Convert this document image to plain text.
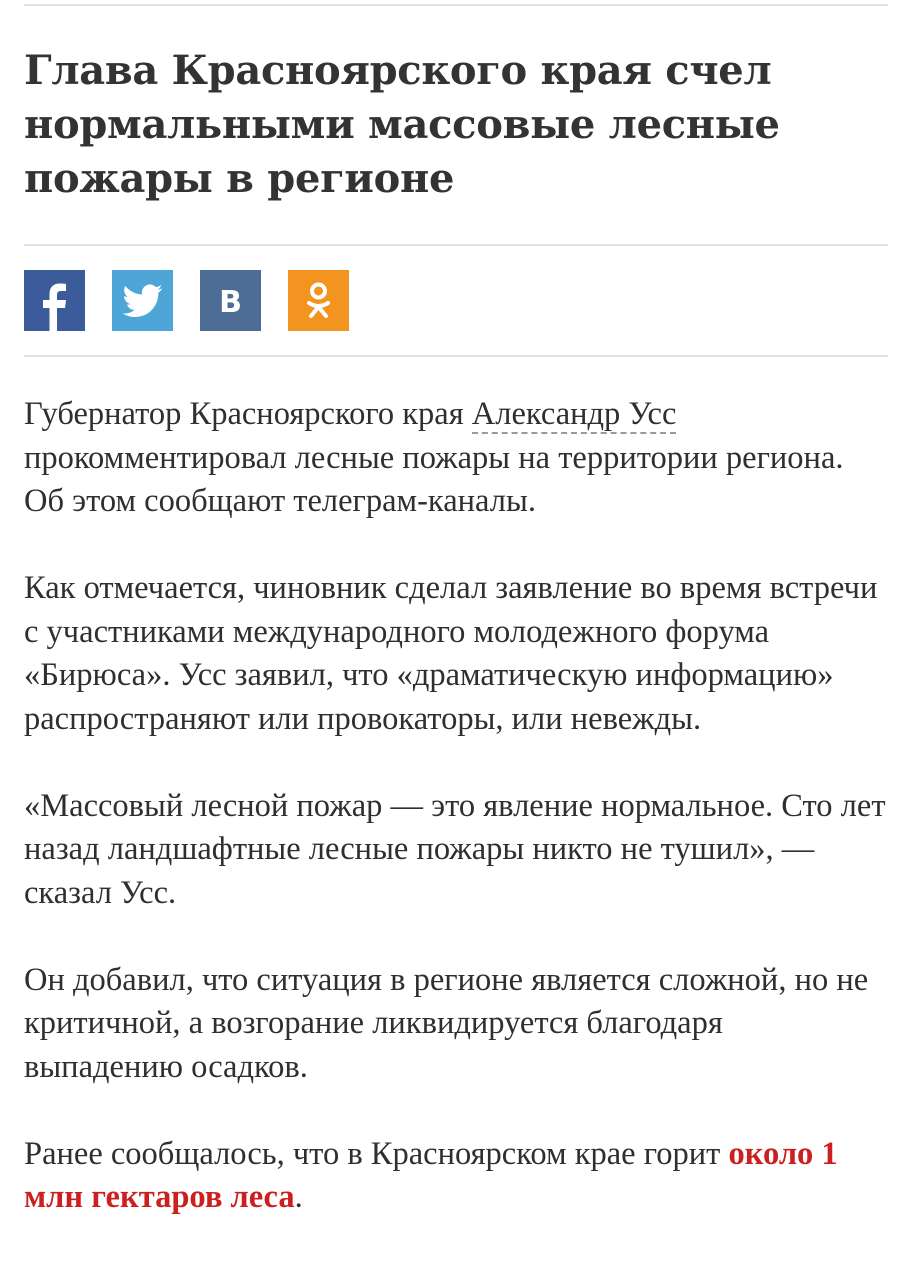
Глава Красноярского края счел нормальными массовые лесные пожары в регионе
В

Губернатор Красноярского края Александр Усс прокомментировал лесные пожары на территории региона. Об этом сообщают телеграм-каналы.

Как отмечается, чиновник сделал заявление во время встречи с участниками международного молодежного форума «Бирюса». Усс заявил, что «драматическую информацию» распространяют или провокаторы, или невежды.

«Массовый лесной пожар — это явление нормальное. Сто лет назад ландшафтные лесные пожары никто не тушил», — сказал Усс.

Он добавил, что ситуация в регионе является сложной, но не критичной, а возгорание ликвидируется благодаря выпадению осадков.

Ранее сообщалось, что в Красноярском крае горит около 1 млн гектаров леса.
